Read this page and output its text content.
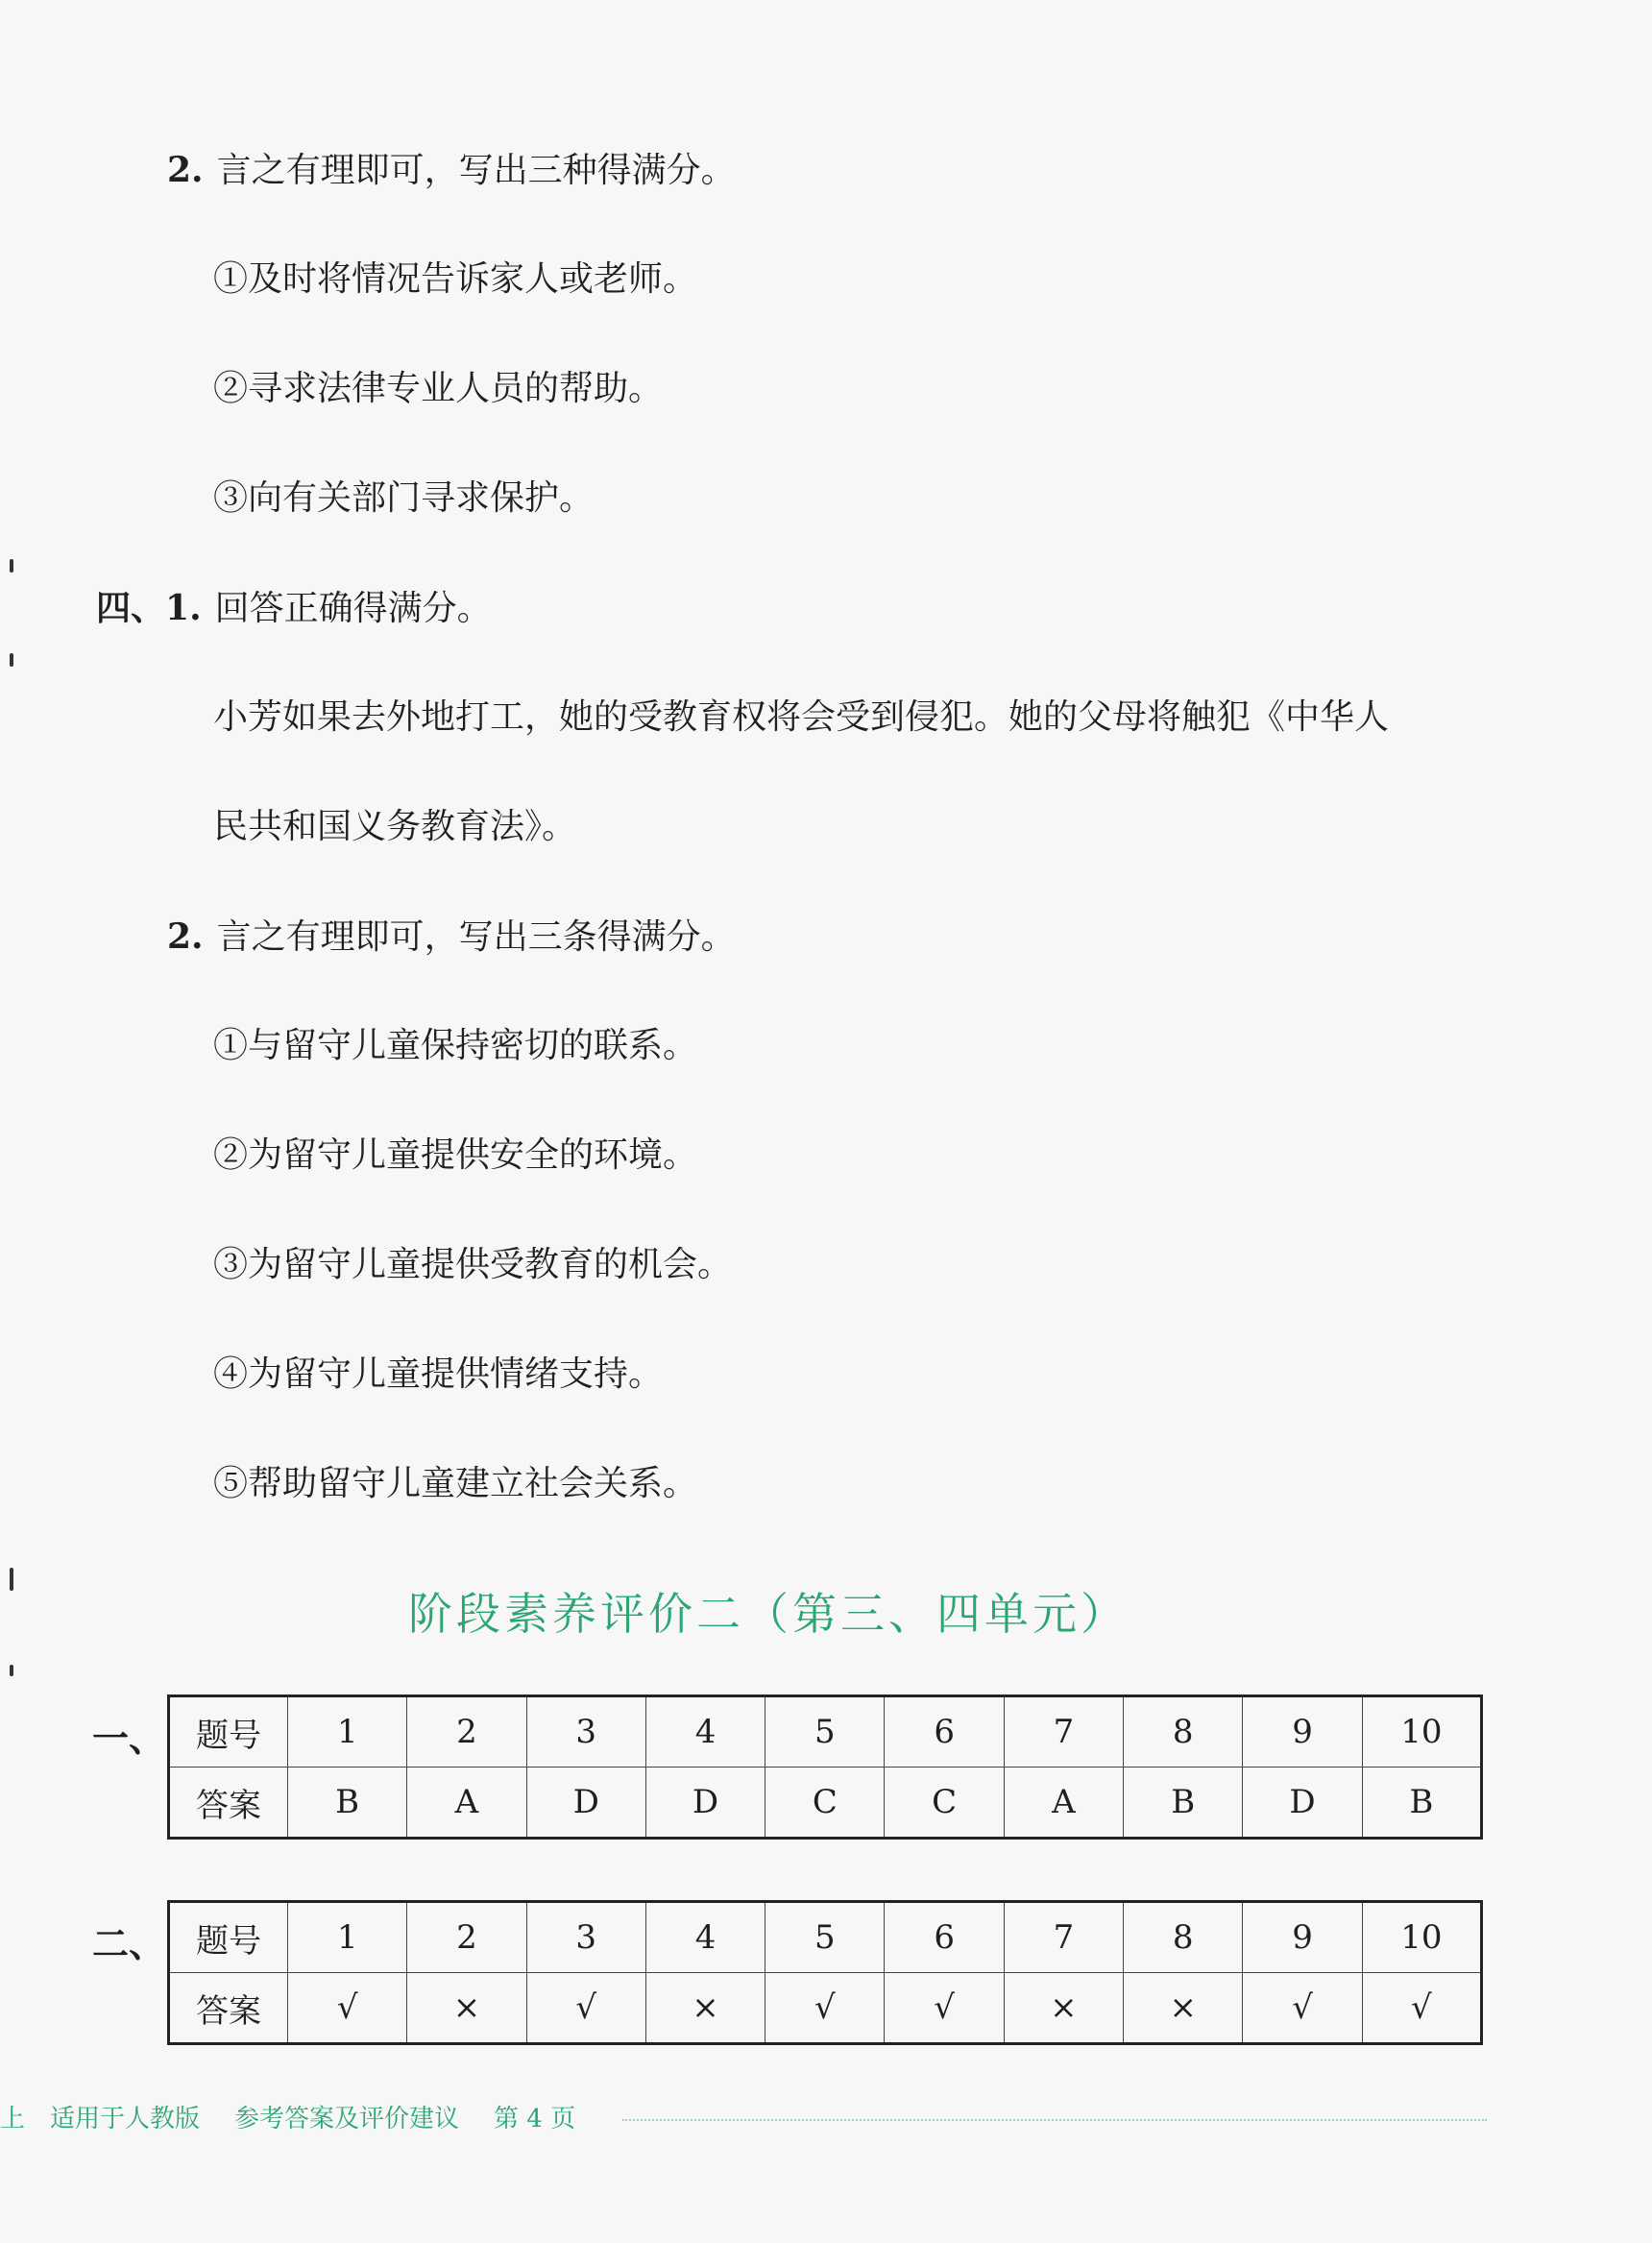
2. 言之有理即可，写出三种得满分。
①及时将情况告诉家人或老师。
②寻求法律专业人员的帮助。
③向有关部门寻求保护。
四、1. 回答正确得满分。
小芳如果去外地打工，她的受教育权将会受到侵犯。她的父母将触犯《中华人
民共和国义务教育法》。
2. 言之有理即可，写出三条得满分。
①与留守儿童保持密切的联系。
②为留守儿童提供安全的环境。
③为留守儿童提供受教育的机会。
④为留守儿童提供情绪支持。
⑤帮助留守儿童建立社会关系。
阶段素养评价二（第三、四单元）
一、 题号	1	2	3	4	5	6	7	8	9	10
答案	B	A	D	D	C	C	A	B	D	B
二、 题号	1	2	3	4	5	6	7	8	9	10
答案	√	×	√	×	√	√	×	×	√	√
上 适用于人教版 参考答案及评价建议 第 4 页
